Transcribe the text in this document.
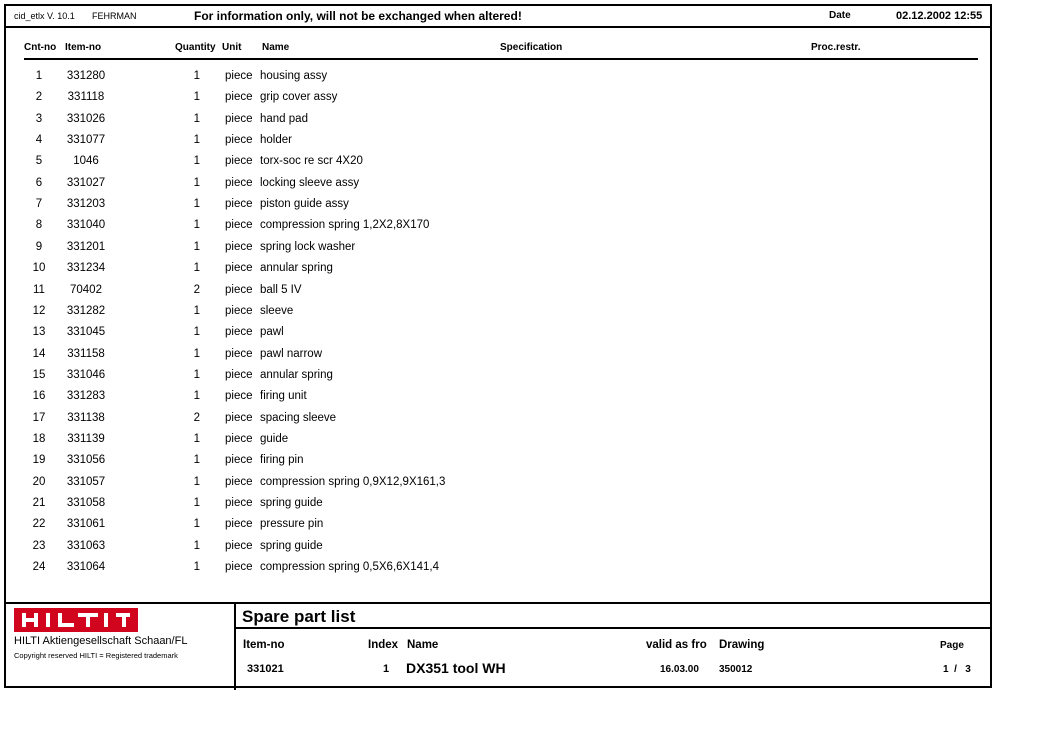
cid_etlx V. 10.1 FEHRMAN	For information only, will not be exchanged when altered!	Date	02.12.2002 12:55
Cnt-no Item-no	Quantity Unit Name	Specification	Proc.restr.
1	331280	1 piece housing assy
2	331118	1 piece grip cover assy
3	331026	1 piece hand pad
4	331077	1 piece holder
5	1046	1 piece torx-soc re scr 4X20
6	331027	1 piece locking sleeve assy
7	331203	1 piece piston guide assy
8	331040	1 piece compression spring 1,2X2,8X170
9	331201	1 piece spring lock washer
10	331234	1 piece annular spring
11	70402	2 piece ball 5 IV
12	331282	1 piece sleeve
13	331045	1 piece pawl
14	331158	1 piece pawl narrow
15	331046	1 piece annular spring
16	331283	1 piece firing unit
17	331138	2 piece spacing sleeve
18	331139	1 piece guide
19	331056	1 piece firing pin
20	331057	1 piece compression spring 0,9X12,9X161,3
21	331058	1 piece spring guide
22	331061	1 piece pressure pin
23	331063	1 piece spring guide
24	331064	1 piece compression spring 0,5X6,6X141,4
HILTI Aktiengesellschaft Schaan/FL
Copyright reserved HILTI = Registered trademark
Spare part list
Item-no	Index Name	valid as fro Drawing	Page
331021	1 DX351 tool WH	16.03.00 350012	1  /   3
